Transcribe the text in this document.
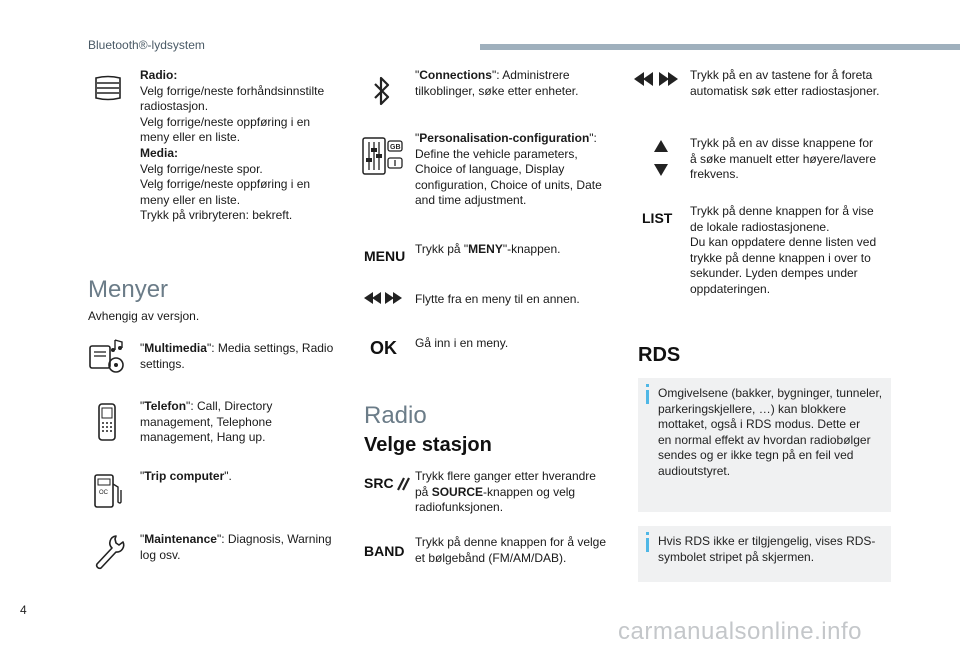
Bluetooth®-lydsystem
Radio:
Velg forrige/neste forhåndsinnstilte
radiostasjon.
Velg forrige/neste oppføring i en
meny eller en liste.
Media:
Velg forrige/neste spor.
Velg forrige/neste oppføring i en
meny eller en liste.
Trykk på vribryteren: bekreft.
Menyer
Avhengig av versjon.
"Multimedia": Media settings, Radio
settings.
"Telefon": Call, Directory
management, Telephone
management, Hang up.
OC
"Trip computer".
"Maintenance": Diagnosis, Warning
log osv.
"Connections": Administrere
tilkoblinger, søke etter enheter.
GB
"Personalisation-configuration":
Define the vehicle parameters,
Choice of language, Display
configuration, Choice of units, Date
and time adjustment.
MENU Trykk på "MENY"-knappen.
Flytte fra en meny til en annen.
OK Gå inn i en meny.
Radio
Velge stasjon
SRC Trykk flere ganger etter hverandre
på SOURCE-knappen og velg
radiofunksjonen.
BAND
Trykk på denne knappen for å velge
et bølgebånd (FM/AM/DAB).
Trykk på en av tastene for å foreta
automatisk søk etter radiostasjoner.
Trykk på en av disse knappene for
å søke manuelt etter høyere/lavere
frekvens.
LIST Trykk på denne knappen for å vise
de lokale radiostasjonene.
Du kan oppdatere denne listen ved
trykke på denne knappen i over to
sekunder. Lyden dempes under
oppdateringen.
RDS
Omgivelsene (bakker, bygninger, tunneler,
parkeringskjellere, …) kan blokkere
mottaket, også i RDS modus. Dette er
en normal effekt av hvordan radiobølger
sendes og er ikke tegn på en feil ved
audioutstyret.
Hvis RDS ikke er tilgjengelig, vises RDS-
symbolet stripet på skjermen.
4
carmanualsonline.info
